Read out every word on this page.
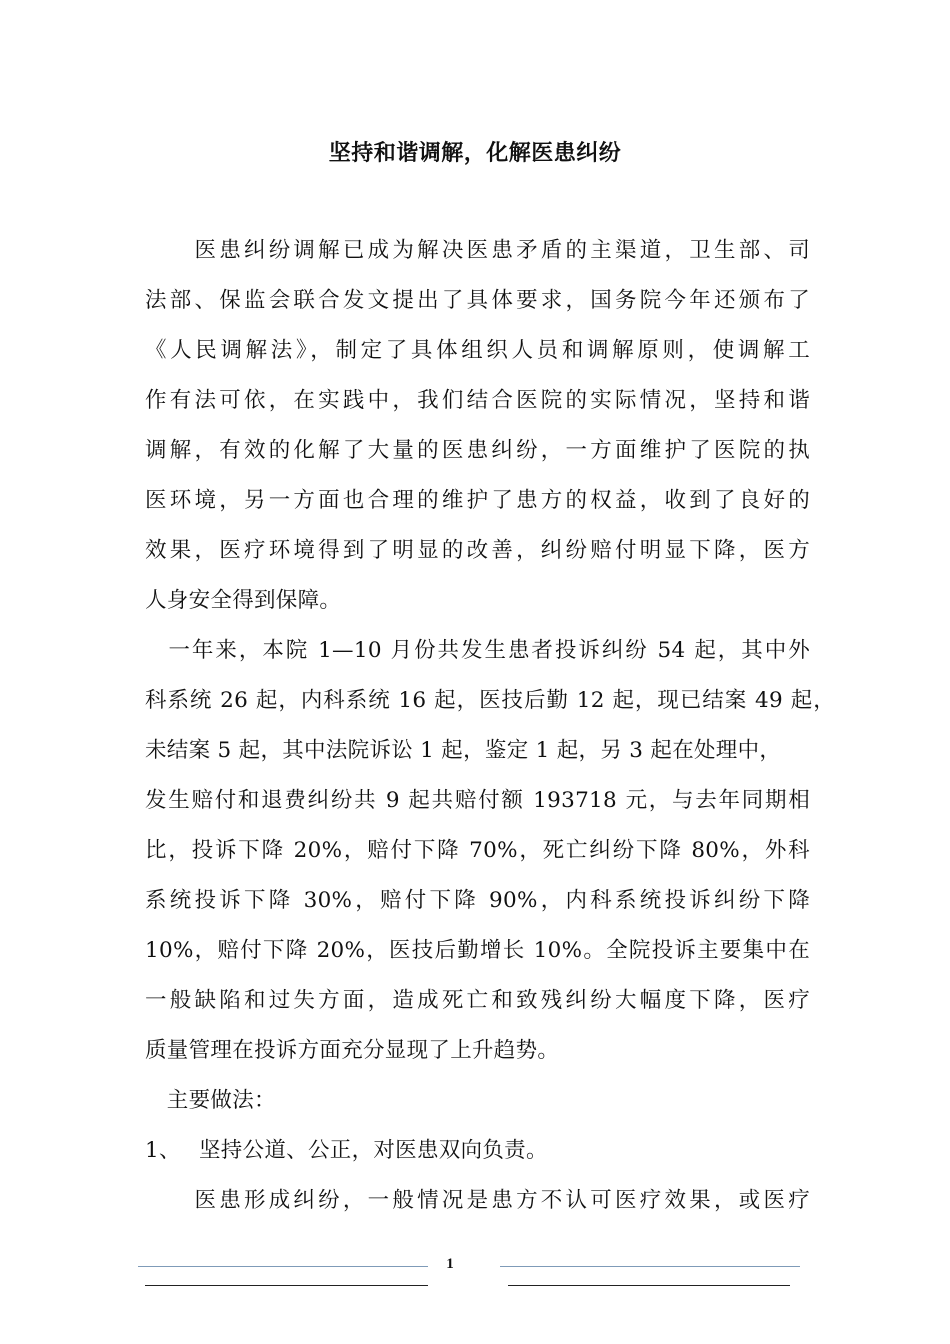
坚持和谐调解，化解医患纠纷
　　医患纠纷调解已成为解决医患矛盾的主渠道，卫生部、司
法部、保监会联合发文提出了具体要求，国务院今年还颁布了
《人民调解法》，制定了具体组织人员和调解原则，使调解工
作有法可依，在实践中，我们结合医院的实际情况，坚持和谐
调解，有效的化解了大量的医患纠纷，一方面维护了医院的执
医环境，另一方面也合理的维护了患方的权益，收到了良好的
效果，医疗环境得到了明显的改善，纠纷赔付明显下降，医方
人身安全得到保障。
　一年来，本院 1—10 月份共发生患者投诉纠纷 54 起，其中外
科系统 26 起，内科系统 16 起，医技后勤 12 起，现已结案 49 起，
未结案 5 起，其中法院诉讼 1 起，鉴定 1 起，另 3 起在处理中，
发生赔付和退费纠纷共 9 起共赔付额 193718 元，与去年同期相
比，投诉下降 20%，赔付下降 70%，死亡纠纷下降 80%，外科
系统投诉下降 30%，赔付下降 90%，内科系统投诉纠纷下降
10%，赔付下降 20%，医技后勤增长 10%。全院投诉主要集中在
一般缺陷和过失方面，造成死亡和致残纠纷大幅度下降，医疗
质量管理在投诉方面充分显现了上升趋势。
　主要做法：
1、　 坚持公道、公正，对医患双向负责。
　　医患形成纠纷，一般情况是患方不认可医疗效果，或医疗
1
